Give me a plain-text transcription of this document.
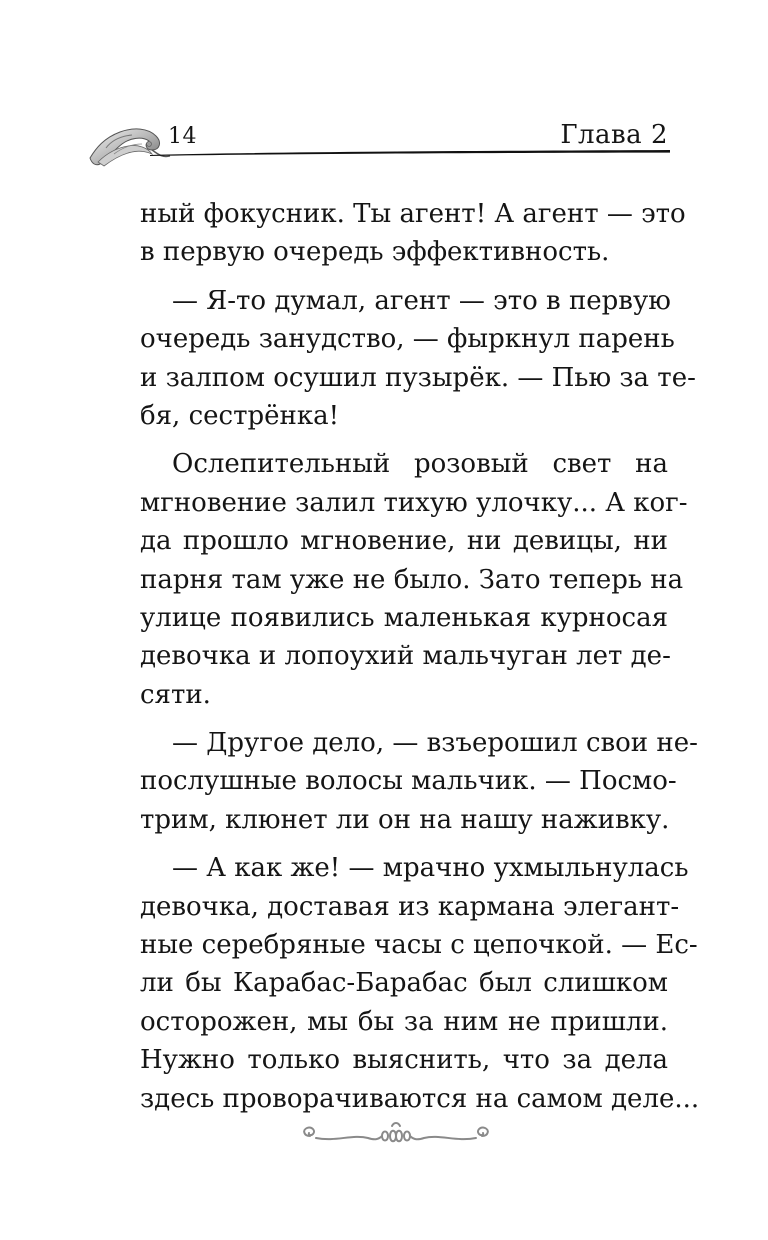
14	Глава 2
ный фокусник. Ты агент! А агент — это
в первую очередь эффективность.
— Я-то думал, агент — это в первую
очередь занудство, — фыркнул парень
и залпом осушил пузырёк. — Пью за те-
бя, сестрёнка!
Ослепительный розовый свет на
мгновение залил тихую улочку... А ког-
да прошло мгновение, ни девицы, ни
парня там уже не было. Зато теперь на
улице появились маленькая курносая
девочка и лопоухий мальчуган лет де-
сяти.
— Другое дело, — взъерошил свои не-
послушные волосы мальчик. — Посмо-
трим, клюнет ли он на нашу наживку.
— А как же! — мрачно ухмыльнулась
девочка, доставая из кармана элегант-
ные серебряные часы с цепочкой. — Ес-
ли бы Карабас-Барабас был слишком
осторожен, мы бы за ним не пришли.
Нужно только выяснить, что за дела
здесь проворачиваются на самом деле...
